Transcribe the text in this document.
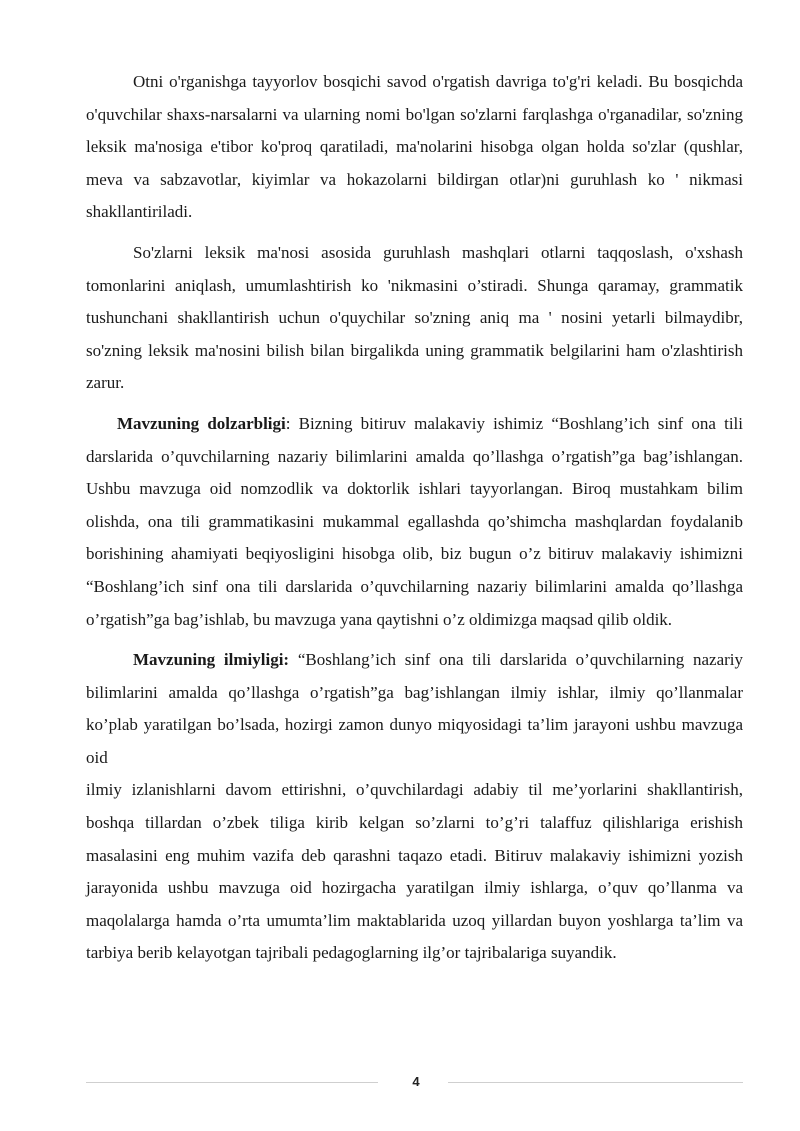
Otni o'rganishga tayyorlov bosqichi savod o'rgatish davriga to'g'ri keladi. Bu bosqichda o'quvchilar shaxs-narsalarni va ularning nomi bo'lgan so'zlarni farqlashga o'rganadilar, so'zning leksik ma'nosiga e'tibor ko'proq qaratiladi, ma'nolarini hisobga olgan holda so'zlar (qushlar, meva va sabzavotlar, kiyimlar va hokazolarni bildirgan otlar)ni guruhlash ko ' nikmasi shakllantiriladi.

So'zlarni leksik ma'nosi asosida guruhlash mashqlari otlarni taqqoslash, o'xshash tomonlarini aniqlash, umumlashtirish ko 'nikmasini o’stiradi. Shunga qaramay, grammatik tushunchani shakllantirish uchun o'quychilar so'zning aniq ma ' nosini yetarli bilmaydibr, so'zning leksik ma'nosini bilish bilan birgalikda uning grammatik belgilarini ham o'zlashtirish zarur.

Mavzuning dolzarbligi: Bizning bitiruv malakaviy ishimiz “Boshlang’ich sinf ona tili darslarida o’quvchilarning nazariy bilimlarini amalda qo’llashga o’rgatish”ga bag’ishlangan. Ushbu mavzuga oid nomzodlik va doktorlik ishlari tayyorlangan. Biroq mustahkam bilim olishda, ona tili grammatikasini mukammal egallashda qo’shimcha mashqlardan foydalanib borishining ahamiyati beqiyosligini hisobga olib, biz bugun o’z bitiruv malakaviy ishimizni “Boshlang’ich sinf ona tili darslarida o’quvchilarning nazariy bilimlarini amalda qo’llashga o’rgatish”ga bag’ishlab, bu mavzuga yana qaytishni o’z oldimizga maqsad qilib oldik.

Mavzuning ilmiyligi: “Boshlang’ich sinf ona tili darslarida o’quvchilarning nazariy bilimlarini amalda qo’llashga o’rgatish”ga bag’ishlangan ilmiy ishlar, ilmiy qo’llanmalar ko’plab yaratilgan bo’lsada, hozirgi zamon dunyo miqyosidagi ta’lim jarayoni ushbu mavzuga oid

ilmiy izlanishlarni davom ettirishni, o’quvchilardagi adabiy til me’yorlarini shakllantirish, boshqa tillardan o’zbek tiliga kirib kelgan so’zlarni to’g’ri talaffuz qilishlariga erishish masalasini eng muhim vazifa deb qarashni taqazo etadi. Bitiruv malakaviy ishimizni yozish jarayonida ushbu mavzuga oid hozirgacha yaratilgan ilmiy ishlarga, o’quv qo’llanma va maqolalarga hamda o’rta umumta’lim maktablarida uzoq yillardan buyon yoshlarga ta’lim va tarbiya berib kelayotgan tajribali pedagoglarning ilg’or tajribalariga suyandik.

4
